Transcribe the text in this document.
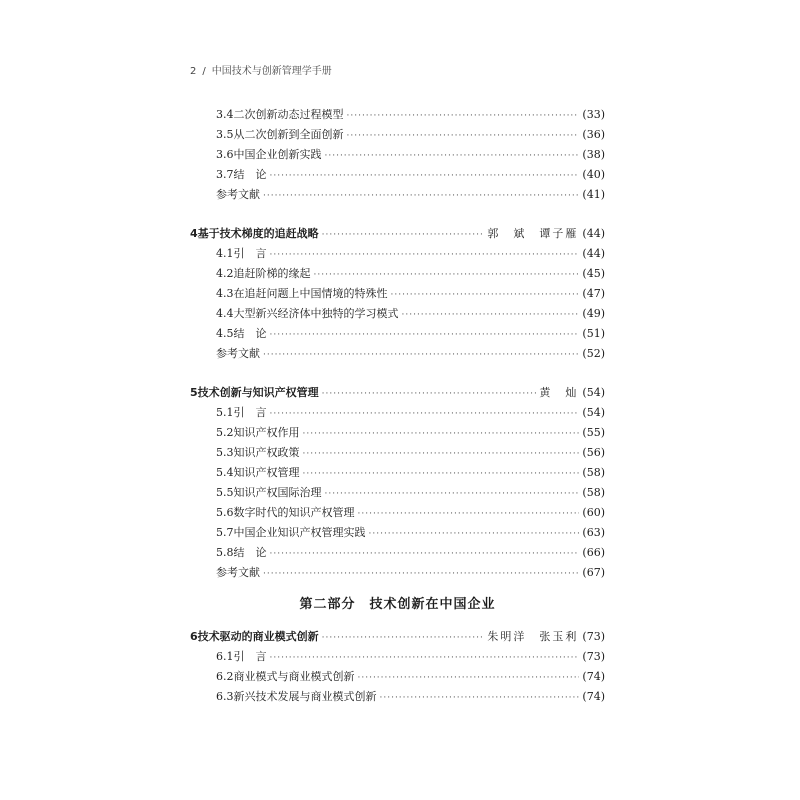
2 / 中国技术与创新管理学手册
3.4 二次创新动态过程模型 ·····	(33)
3.5 从二次创新到全面创新 ·····	(36)
3.6 中国企业创新实践 ·····	(38)
3.7 结　论 ·····	(40)
参考文献 ·····	(41)
4 基于技术梯度的追赶战略 ·····	郭　斌　谭子雁 (44)
4.1 引　言 ·····	(44)
4.2 追赶阶梯的缘起 ·····	(45)
4.3 在追赶问题上中国情境的特殊性 ·····	(47)
4.4 大型新兴经济体中独特的学习模式 ·····	(49)
4.5 结　论 ·····	(51)
参考文献 ·····	(52)
5 技术创新与知识产权管理 ·····	黄　灿 (54)
5.1 引　言 ·····	(54)
5.2 知识产权作用 ·····	(55)
5.3 知识产权政策 ·····	(56)
5.4 知识产权管理 ·····	(58)
5.5 知识产权国际治理 ·····	(58)
5.6 数字时代的知识产权管理 ·····	(60)
5.7 中国企业知识产权管理实践 ·····	(63)
5.8 结　论 ·····	(66)
参考文献 ·····	(67)
第二部分 技术创新在中国企业
6 技术驱动的商业模式创新 ·····	朱明洋　张玉利 (73)
6.1 引　言 ·····	(73)
6.2 商业模式与商业模式创新 ·····	(74)
6.3 新兴技术发展与商业模式创新 ·····	(74)
